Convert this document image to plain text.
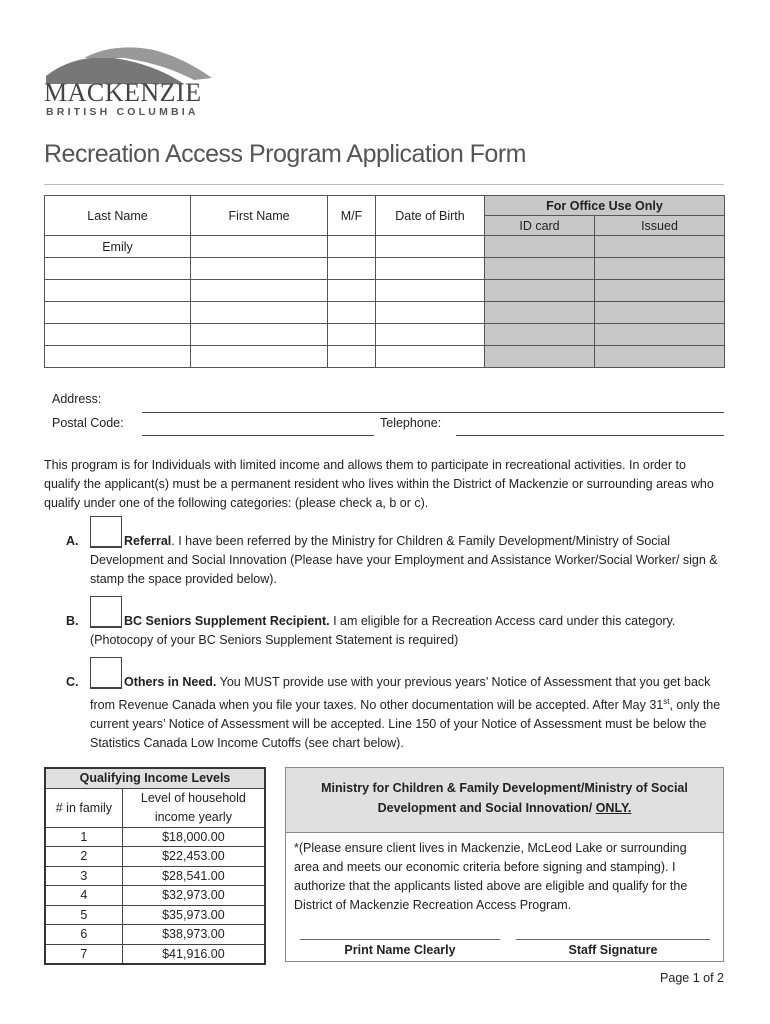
MACKENZIE
BRITISH COLUMBIA
Recreation Access Program Application Form
Last Name	First Name	M/F	Date of Birth	For Office Use Only	
				ID card	Issued
Emily					

Address:
Postal Code:	Telephone:
This program is for Individuals with limited income and allows them to participate in recreational activities. In order to qualify the applicant(s) must be a permanent resident who lives within the District of Mackenzie or surrounding areas who qualify under one of the following categories: (please check a, b or c).
A.	Referral. I have been referred by the Ministry for Children & Family Development/Ministry of Social Development and Social Innovation (Please have your Employment and Assistance Worker/Social Worker/ sign & stamp the space provided below).
B.	BC Seniors Supplement Recipient. I am eligible for a Recreation Access card under this category. (Photocopy of your BC Seniors Supplement Statement is required)
C.	Others in Need. You MUST provide use with your previous years’ Notice of Assessment that you get back from Revenue Canada when you file your taxes. No other documentation will be accepted. After May 31st, only the current years’ Notice of Assessment will be accepted. Line 150 of your Notice of Assessment must be below the Statistics Canada Low Income Cutoffs (see chart below).
Qualifying Income Levels	
# in family	Level of household income yearly
1	$18,000.00
2	$22,453.00
3	$28,541.00
4	$32,973.00
5	$35,973.00
6	$38,973.00
7	$41,916.00
Ministry for Children & Family Development/Ministry of Social Development and Social Innovation/ ONLY.
*(Please ensure client lives in Mackenzie, McLeod Lake or surrounding area and meets our economic criteria before signing and stamping). I authorize that the applicants listed above are eligible and qualify for the District of Mackenzie Recreation Access Program.
Print Name Clearly	Staff Signature
Page 1 of 2
